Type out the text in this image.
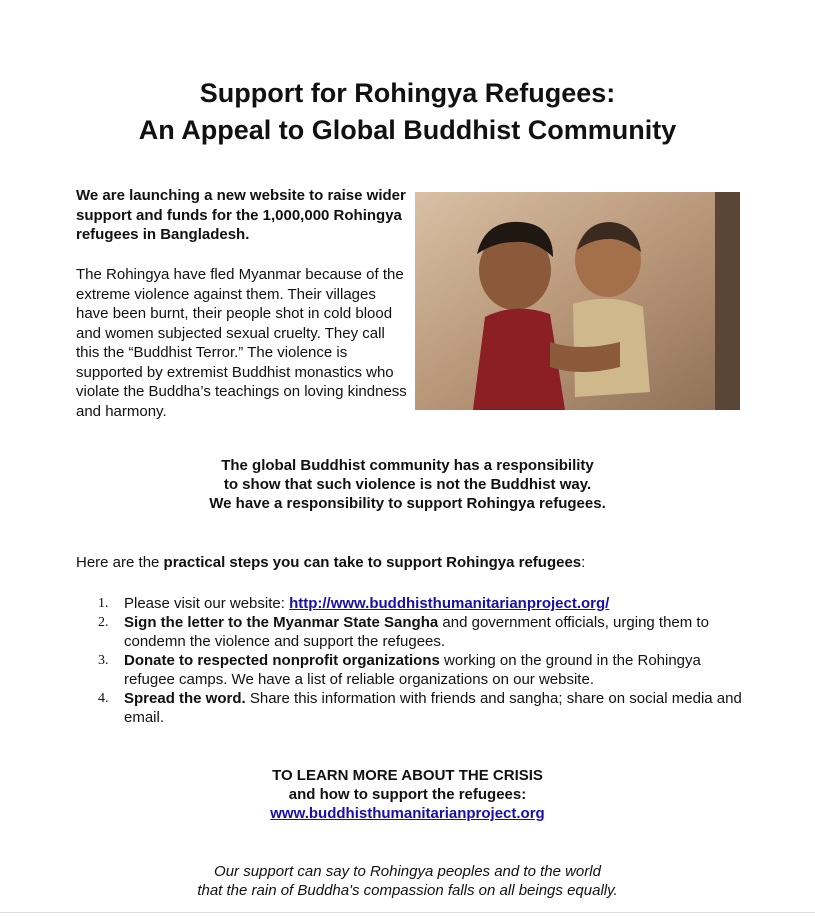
Support for Rohingya Refugees:
An Appeal to Global Buddhist Community
We are launching a new website to raise wider support and funds for the 1,000,000 Rohingya refugees in Bangladesh.
The Rohingya have fled Myanmar because of the extreme violence against them. Their villages have been burnt, their people shot in cold blood and women subjected sexual cruelty. They call this the “Buddhist Terror.” The violence is supported by extremist Buddhist monastics who violate the Buddha’s teachings on loving kindness and harmony.
The global Buddhist community has a responsibility
to show that such violence is not the Buddhist way.
We have a responsibility to support Rohingya refugees.
Here are the practical steps you can take to support Rohingya refugees:
1.	Please visit our website: http://www.buddhisthumanitarianproject.org/
2.	Sign the letter to the Myanmar State Sangha and government officials, urging them to condemn the violence and support the refugees.
3.	Donate to respected nonprofit organizations working on the ground in the Rohingya refugee camps. We have a list of reliable organizations on our website.
4.	Spread the word. Share this information with friends and sangha; share on social media and email.
TO LEARN MORE ABOUT THE CRISIS
and how to support the refugees:
www.buddhisthumanitarianproject.org
Our support can say to Rohingya peoples and to the world
that the rain of Buddha's compassion falls on all beings equally.
